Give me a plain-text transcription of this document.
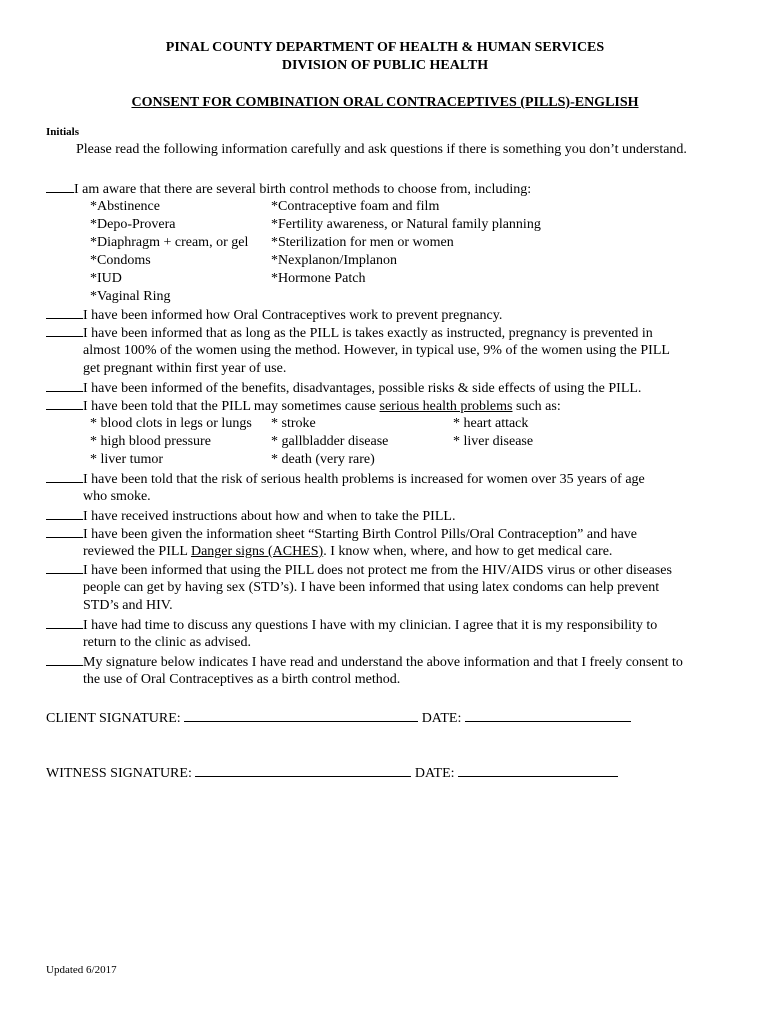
PINAL COUNTY DEPARTMENT OF HEALTH & HUMAN SERVICES
DIVISION OF PUBLIC HEALTH
CONSENT FOR COMBINATION ORAL CONTRACEPTIVES (PILLS)-ENGLISH
Initials
Please read the following information carefully and ask questions if there is something you don’t understand.
I am aware that there are several birth control methods to choose from, including:
*Abstinence
*Depo-Provera
*Diaphragm + cream, or gel
*Condoms
*IUD
*Vaginal Ring
*Contraceptive foam and film
*Fertility awareness, or Natural family planning
*Sterilization for men or women
*Nexplanon/Implanon
*Hormone Patch
I have been informed how Oral Contraceptives work to prevent pregnancy.
I have been informed that as long as the PILL is takes exactly as instructed, pregnancy is prevented in
almost 100% of the women using the method. However, in typical use, 9% of the women using the PILL
get pregnant within first year of use.
I have been informed of the benefits, disadvantages, possible risks & side effects of using the PILL.
I have been told that the PILL may sometimes cause serious health problems such as:
* blood clots in legs or lungs
* high blood pressure
* liver tumor
* stroke
* gallbladder disease
* death (very rare)
* heart attack
* liver disease
I have been told that the risk of serious health problems is increased for women over 35 years of age
who smoke.
I have received instructions about how and when to take the PILL.
I have been given the information sheet “Starting Birth Control Pills/Oral Contraception” and have
reviewed the PILL Danger signs (ACHES). I know when, where, and how to get medical care.
I have been informed that using the PILL does not protect me from the HIV/AIDS virus or other diseases
people can get by having sex (STD’s). I have been informed that using latex condoms can help prevent
STD’s and HIV.
I have had time to discuss any questions I have with my clinician. I agree that it is my responsibility to
return to the clinic as advised.
My signature below indicates I have read and understand the above information and that I freely consent to
the use of Oral Contraceptives as a birth control method.
CLIENT SIGNATURE:	DATE:
WITNESS SIGNATURE:	DATE:
Updated 6/2017
